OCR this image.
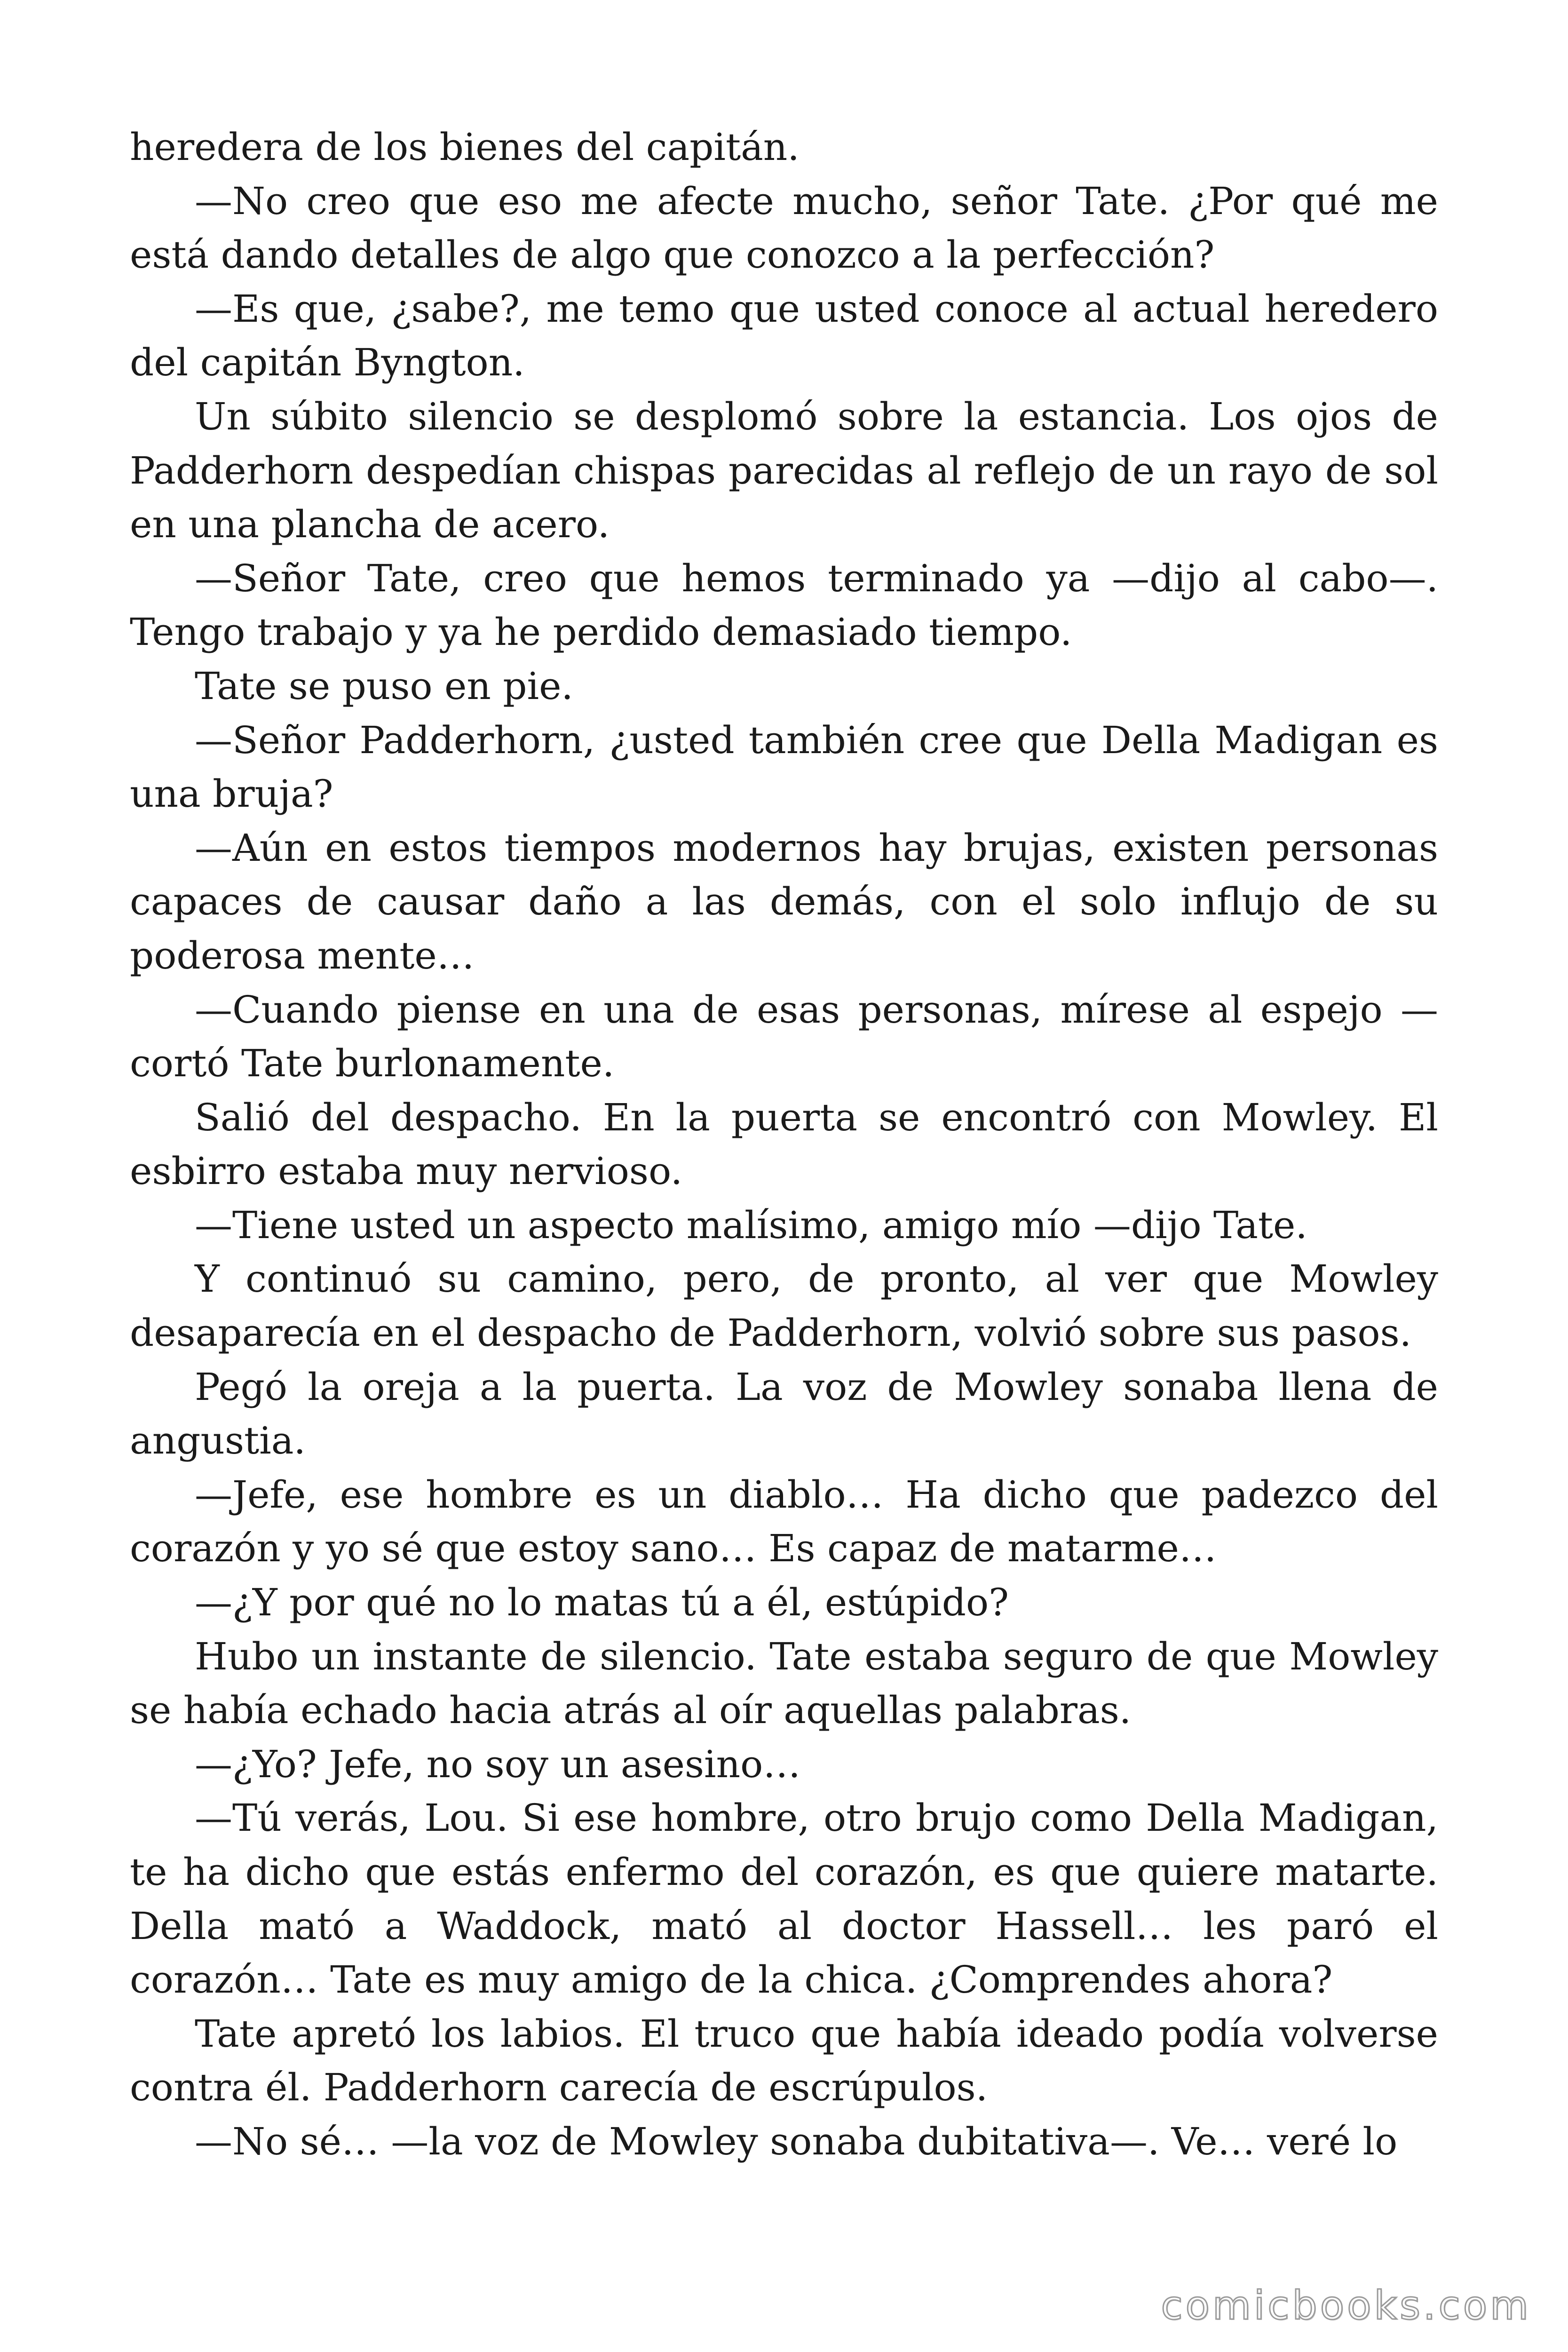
heredera de los bienes del capitán.

—No creo que eso me afecte mucho, señor Tate. ¿Por qué me está dando detalles de algo que conozco a la perfección?

—Es que, ¿sabe?, me temo que usted conoce al actual heredero del capitán Byngton.

Un súbito silencio se desplomó sobre la estancia. Los ojos de Padderhorn despedían chispas parecidas al reflejo de un rayo de sol en una plancha de acero.

—Señor Tate, creo que hemos terminado ya —dijo al cabo—. Tengo trabajo y ya he perdido demasiado tiempo.

Tate se puso en pie.

—Señor Padderhorn, ¿usted también cree que Della Madigan es una bruja?

—Aún en estos tiempos modernos hay brujas, existen personas capaces de causar daño a las demás, con el solo influjo de su poderosa mente…

—Cuando piense en una de esas personas, mírese al espejo —cortó Tate burlonamente.

Salió del despacho. En la puerta se encontró con Mowley. El esbirro estaba muy nervioso.

—Tiene usted un aspecto malísimo, amigo mío —dijo Tate.

Y continuó su camino, pero, de pronto, al ver que Mowley desaparecía en el despacho de Padderhorn, volvió sobre sus pasos.

Pegó la oreja a la puerta. La voz de Mowley sonaba llena de angustia.

—Jefe, ese hombre es un diablo… Ha dicho que padezco del corazón y yo sé que estoy sano… Es capaz de matarme…

—¿Y por qué no lo matas tú a él, estúpido?

Hubo un instante de silencio. Tate estaba seguro de que Mowley se había echado hacia atrás al oír aquellas palabras.

—¿Yo? Jefe, no soy un asesino…

—Tú verás, Lou. Si ese hombre, otro brujo como Della Madigan, te ha dicho que estás enfermo del corazón, es que quiere matarte. Della mató a Waddock, mató al doctor Hassell… les paró el corazón… Tate es muy amigo de la chica. ¿Comprendes ahora?

Tate apretó los labios. El truco que había ideado podía volverse contra él. Padderhorn carecía de escrúpulos.

—No sé… —la voz de Mowley sonaba dubitativa—. Ve… veré lo

comicbooks.com
